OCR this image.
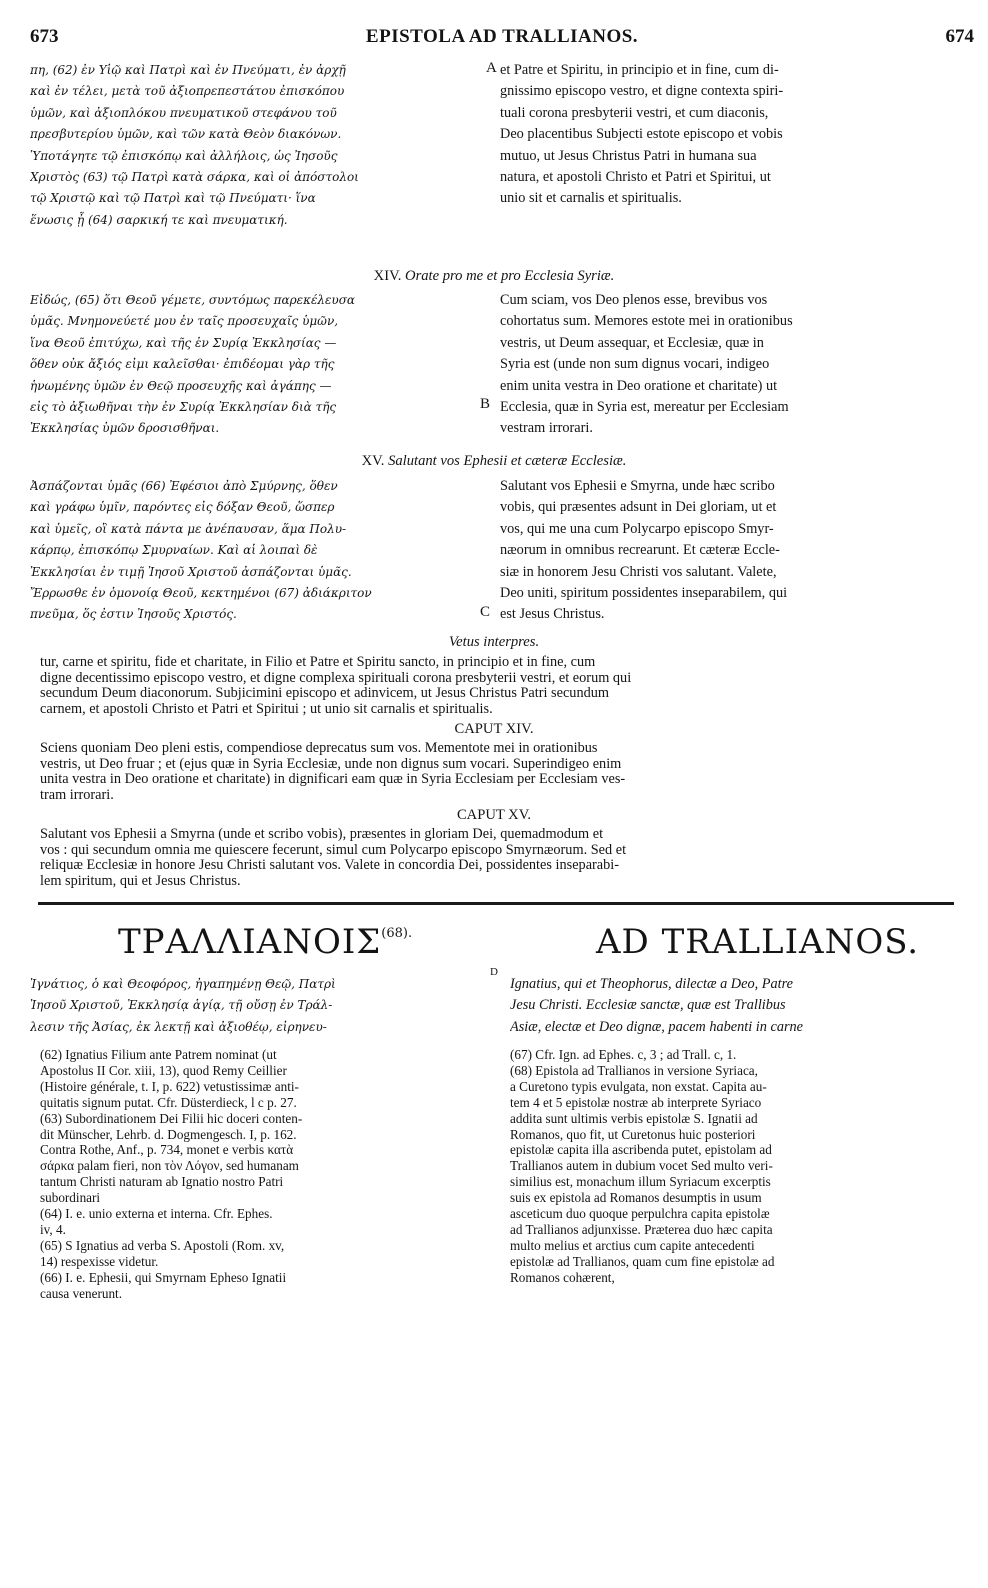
673	EPISTOLA AD TRALLIANOS.	674
πη, (62) ἐν Υἱῷ καὶ Πατρὶ καὶ ἐν Πνεύματι, ἐν ἀρχῇ
καὶ ἐν τέλει, μετὰ τοῦ ἀξιοπρεπεστάτου ἐπισκόπου
ὑμῶν, καὶ ἀξιοπλόκου πνευματικοῦ στεφάνου τοῦ
πρεσβυτερίου ὑμῶν, καὶ τῶν κατὰ Θεὸν διακόνων.
Ὑποτάγητε τῷ ἐπισκόπῳ καὶ ἀλλήλοις, ὡς Ἰησοῦς
Χριστὸς (63) τῷ Πατρὶ κατὰ σάρκα, καὶ οἱ ἀπόστολοι
τῷ Χριστῷ καὶ τῷ Πατρὶ καὶ τῷ Πνεύματι· ἵνα
ἕνωσις ᾖ (64) σαρκική τε καὶ πνευματική.
A et Patre et Spiritu, in principio et in fine, cum di-
gnissimo episcopo vestro, et digne contexta spiri-
tuali corona presbyterii vestri, et cum diaconis,
Deo placentibus Subjecti estote episcopo et vobis
mutuo, ut Jesus Christus Patri in humana sua
natura, et apostoli Christo et Patri et Spiritui, ut
unio sit et carnalis et spiritualis.
XIV. Orate pro me et pro Ecclesia Syriæ.
Εἰδώς, (65) ὅτι Θεοῦ γέμετε, συντόμως παρεκέλευσα
ὑμᾶς. Μνημονεύετέ μου ἐν ταῖς προσευχαῖς ὑμῶν,
ἵνα Θεοῦ ἐπιτύχω, καὶ τῆς ἐν Συρίᾳ Ἐκκλησίας —
ὅθεν οὐκ ἄξιός εἰμι καλεῖσθαι· ἐπιδέομαι γὰρ τῆς
ἡνωμένης ὑμῶν ἐν Θεῷ προσευχῆς καὶ ἀγάπης —
εἰς τὸ ἀξιωθῆναι τὴν ἐν Συρίᾳ Ἐκκλησίαν διὰ τῆς
Ἐκκλησίας ὑμῶν δροσισθῆναι.
B
Cum sciam, vos Deo plenos esse, brevibus vos
cohortatus sum. Memores estote mei in orationibus
vestris, ut Deum assequar, et Ecclesiæ, quæ in
Syria est (unde non sum dignus vocari, indigeo
enim unita vestra in Deo oratione et charitate) ut
Ecclesia, quæ in Syria est, mereatur per Ecclesiam
vestram irrorari.
XV. Salutant vos Ephesii et cæteræ Ecclesiæ.
Ἀσπάζονται ὑμᾶς (66) Ἐφέσιοι ἀπὸ Σμύρνης, ὅθεν
καὶ γράφω ὑμῖν, παρόντες εἰς δόξαν Θεοῦ, ὥσπερ
καὶ ὑμεῖς, οἳ κατὰ πάντα με ἀνέπαυσαν, ἅμα Πολυ-
κάρπῳ, ἐπισκόπῳ Σμυρναίων. Καὶ αἱ λοιπαὶ δὲ
Ἐκκλησίαι ἐν τιμῇ Ἰησοῦ Χριστοῦ ἀσπάζονται ὑμᾶς.
Ἔρρωσθε ἐν ὁμονοίᾳ Θεοῦ, κεκτημένοι (67) ἀδιάκριτον
πνεῦμα, ὅς ἐστιν Ἰησοῦς Χριστός.	C
Salutant vos Ephesii e Smyrna, unde hæc scribo
vobis, qui præsentes adsunt in Dei gloriam, ut et
vos, qui me una cum Polycarpo episcopo Smyr-
næorum in omnibus recrearunt. Et cæteræ Eccle-
siæ in honorem Jesu Christi vos salutant. Valete,
Deo uniti, spiritum possidentes inseparabilem, qui
est Jesus Christus.
Vetus interpres.
tur, carne et spiritu, fide et charitate, in Filio et Patre et Spiritu sancto, in principio et in fine, cum
digne decentissimo episcopo vestro, et digne complexa spirituali corona presbyterii vestri, et eorum qui
secundum Deum diaconorum. Subjicimini episcopo et adinvicem, ut Jesus Christus Patri secundum
carnem, et apostoli Christo et Patri et Spiritui ; ut unio sit carnalis et spiritualis.
CAPUT XIV.
Sciens quoniam Deo pleni estis, compendiose deprecatus sum vos. Mementote mei in orationibus
vestris, ut Deo fruar ; et (ejus quæ in Syria Ecclesiæ, unde non dignus sum vocari. Superindigeo enim
unita vestra in Deo oratione et charitate) in dignificari eam quæ in Syria Ecclesiam per Ecclesiam ves-
tram irrorari.
CAPUT XV.
Salutant vos Ephesii a Smyrna (unde et scribo vobis), præsentes in gloriam Dei, quemadmodum et
vos : qui secundum omnia me quiescere fecerunt, simul cum Polycarpo episcopo Smyrnæorum. Sed et
reliquæ Ecclesiæ in honore Jesu Christi salutant vos. Valete in concordia Dei, possidentes inseparabi-
lem spiritum, qui et Jesus Christus.
$TPA\Lambda\Lambda IANOI\Sigma^{(68).}$	AD TRALLIANOS.
Ἰγνάτιος, ὁ καὶ Θεοφόρος, ἠγαπημένῃ Θεῷ, Πατρὶ
Ἰησοῦ Χριστοῦ, Ἐκκλησίᾳ ἁγίᾳ, τῇ οὔσῃ ἐν Τράλ-
λεσιν τῆς Ἀσίας, ἐκ λεκτῇ καὶ ἀξιοθέῳ, εἰρηνευ-
D
Ignatius, qui et Theophorus, dilectæ a Deo, Patre
Jesu Christi. Ecclesiæ sanctæ, quæ est Trallibus
Asiæ, electæ et Deo dignæ, pacem habenti in carne
(62) Ignatius Filium ante Patrem nominat (ut
Apostolus II Cor. xiii, 13), quod Remy Ceillier
(Histoire générale, t. I, p. 622) vetustissimæ anti-
quitatis signum putat. Cfr. Düsterdieck, l c p. 27.
(63) Subordinationem Dei Filii hic doceri conten-
dit Münscher, Lehrb. d. Dogmengesch. I, p. 162.
Contra Rothe, Anf., p. 734, monet e verbis κατὰ
σάρκα palam fieri, non τὸν Λόγον, sed humanam
tantum Christi naturam ab Ignatio nostro Patri
subordinari
(64) I. e. unio externa et interna. Cfr. Ephes.
iv, 4.
(65) S Ignatius ad verba S. Apostoli (Rom. xv,
14) respexisse videtur.
(66) I. e. Ephesii, qui Smyrnam Epheso Ignatii
causa venerunt.
(67) Cfr. Ign. ad Ephes. c, 3 ; ad Trall. c, 1.
(68) Epistola ad Trallianos in versione Syriaca,
a Curetono typis evulgata, non exstat. Capita au-
tem 4 et 5 epistolæ nostræ ab interprete Syriaco
addita sunt ultimis verbis epistolæ S. Ignatii ad
Romanos, quo fit, ut Curetonus huic posteriori
epistolæ capita illa ascribenda putet, epistolam ad
Trallianos autem in dubium vocet Sed multo veri-
similius est, monachum illum Syriacum excerptis
suis ex epistola ad Romanos desumptis in usum
asceticum duo quoque perpulchra capita epistolæ
ad Trallianos adjunxisse. Præterea duo hæc capita
multo melius et arctius cum capite antecedenti
epistolæ ad Trallianos, quam cum fine epistolæ ad
Romanos cohærent,
